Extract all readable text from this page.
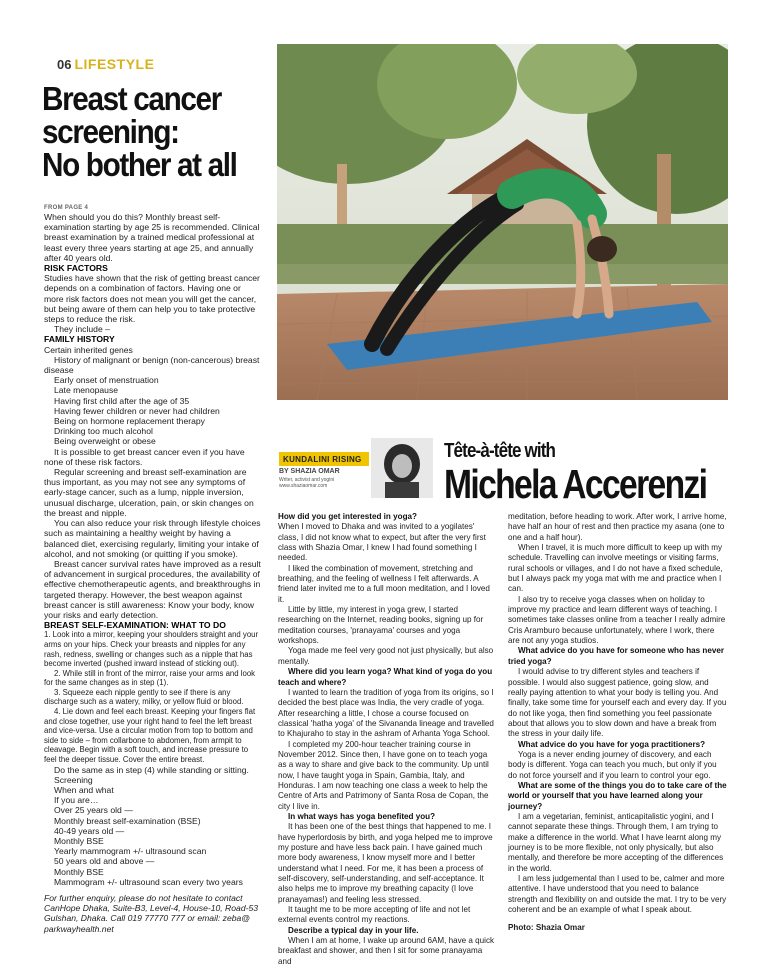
06 LIFESTYLE
Breast cancer
screening:
No bother at all

FROM PAGE 4

When should you do this? Monthly breast self-examination starting by age 25 is recommended. Clinical breast examination by a trained medical professional at least every three years starting at age 25, and annually after 40 years old.

RISK FACTORS

Studies have shown that the risk of getting breast cancer depends on a combination of factors. Having one or more risk factors does not mean you will get the cancer, but being aware of them can help you to take protective steps to reduce the risk.

They include –

FAMILY HISTORY

Certain inherited genes

History of malignant or benign (non-cancerous) breast disease

Early onset of menstruation

Late menopause

Having first child after the age of 35

Having fewer children or never had children

Being on hormone replacement therapy

Drinking too much alcohol

Being overweight or obese

It is possible to get breast cancer even if you have none of these risk factors.

Regular screening and breast self-examination are thus important, as you may not see any symptoms of early-stage cancer, such as a lump, nipple inversion, unusual discharge, ulceration, pain, or skin changes on the breast and nipple.

You can also reduce your risk through lifestyle choices such as maintaining a healthy weight by having a balanced diet, exercising regularly, limiting your intake of alcohol, and not smoking (or quitting if you smoke).

Breast cancer survival rates have improved as a result of advancement in surgical procedures, the availability of effective chemotherapeutic agents, and breakthroughs in targeted therapy. However, the best weapon against breast cancer is still awareness: Know your body, know your risks and early detection.

BREAST SELF-EXAMINATION: WHAT TO DO

1. Look into a mirror, keeping your shoulders straight and your arms on your hips. Check your breasts and nipples for any rash, redness, swelling or changes such as a nipple that has become inverted (pushed inward instead of sticking out).

2. While still in front of the mirror, raise your arms and look for the same changes as in step (1).

3. Squeeze each nipple gently to see if there is any discharge such as a watery, milky, or yellow fluid or blood.

4. Lie down and feel each breast. Keeping your fingers flat and close together, use your right hand to feel the left breast and vice-versa. Use a circular motion from top to bottom and side to side – from collarbone to abdomen, from armpit to cleavage. Begin with a soft touch, and increase pressure to feel the deeper tissue. Cover the entire breast.

Do the same as in step (4) while standing or sitting.

Screening

When and what

If you are…

Over 25 years old —

Monthly breast self-examination (BSE)

40-49 years old —

Monthly BSE

Yearly mammogram +/- ultrasound scan

50 years old and above —

Monthly BSE

Mammogram +/- ultrasound scan every two years

For further enquiry, please do not hesitate to contact CanHope Dhaka, Suite-B3, Level-4, House-10, Road-53 Gulshan, Dhaka. Call 019 77770 777 or email: zeba@ parkwayhealth.net

KUNDALINI RISING
BY SHAZIA OMAR
Writer, activist and yogini www.shaziaomar.com
Tête-à-tête with
Michela Accerenzi

How did you get interested in yoga?

When I moved to Dhaka and was invited to a yogilates' class, I did not know what to expect, but after the very first class with Shazia Omar, I knew I had found something I needed.

I liked the combination of movement, stretching and breathing, and the feeling of wellness I felt afterwards. A friend later invited me to a full moon meditation, and I loved it.

Little by little, my interest in yoga grew, I started researching on the Internet, reading books, signing up for meditation courses, 'pranayama' courses and yoga workshops.

Yoga made me feel very good not just physically, but also mentally.

Where did you learn yoga? What kind of yoga do you teach and where?

I wanted to learn the tradition of yoga from its origins, so I decided the best place was India, the very cradle of yoga. After researching a little, I chose a course focused on classical 'hatha yoga' of the Sivananda lineage and travelled to Khajuraho to stay in the ashram of Arhanta Yoga School.

I completed my 200-hour teacher training course in November 2012. Since then, I have gone on to teach yoga as a way to share and give back to the community. Up until now, I have taught yoga in Spain, Gambia, Italy, and Honduras. I am now teaching one class a week to help the Centre of Arts and Patrimony of Santa Rosa de Copan, the city I live in.

In what ways has yoga benefited you?

It has been one of the best things that happened to me. I have hyperlordosis by birth, and yoga helped me to improve my posture and have less back pain. I have gained much more body awareness, I know myself more and I better understand what I need. For me, it has been a process of self-discovery, self-understanding, and self-acceptance. It also helps me to improve my breathing capacity (I love pranayamas!) and feeling less stressed.

It taught me to be more accepting of life and not let external events control my reactions.

Describe a typical day in your life.

When I am at home, I wake up around 6AM, have a quick breakfast and shower, and then I sit for some pranayama and

meditation, before heading to work. After work, I arrive home, have half an hour of rest and then practice my asana (one to one and a half hour).

When I travel, it is much more difficult to keep up with my schedule. Travelling can involve meetings or visiting farms, rural schools or villages, and I do not have a fixed schedule, but I always pack my yoga mat with me and practice when I can.

I also try to receive yoga classes when on holiday to improve my practice and learn different ways of teaching. I sometimes take classes online from a teacher I really admire Cris Aramburo because unfortunately, where I work, there are not any yoga studios.

What advice do you have for someone who has never tried yoga?

I would advise to try different styles and teachers if possible. I would also suggest patience, going slow, and really paying attention to what your body is telling you. And finally, take some time for yourself each and every day. If you do not like yoga, then find something you feel passionate about that allows you to slow down and have a break from the stress in your daily life.

What advice do you have for yoga practitioners?

Yoga is a never ending journey of discovery, and each body is different. Yoga can teach you much, but only if you do not force yourself and if you learn to control your ego.

What are some of the things you do to take care of the world or yourself that you have learned along your journey?

I am a vegetarian, feminist, anticapitalistic yogini, and I cannot separate these things. Through them, I am trying to make a difference in the world. What I have learnt along my journey is to be more flexible, not only physically, but also mentally, and therefore be more accepting of the differences in the world.

I am less judgemental than I used to be, calmer and more attentive. I have understood that you need to balance strength and flexibility on and outside the mat. I try to be very coherent and be an example of what I speak about.

Photo: Shazia Omar
